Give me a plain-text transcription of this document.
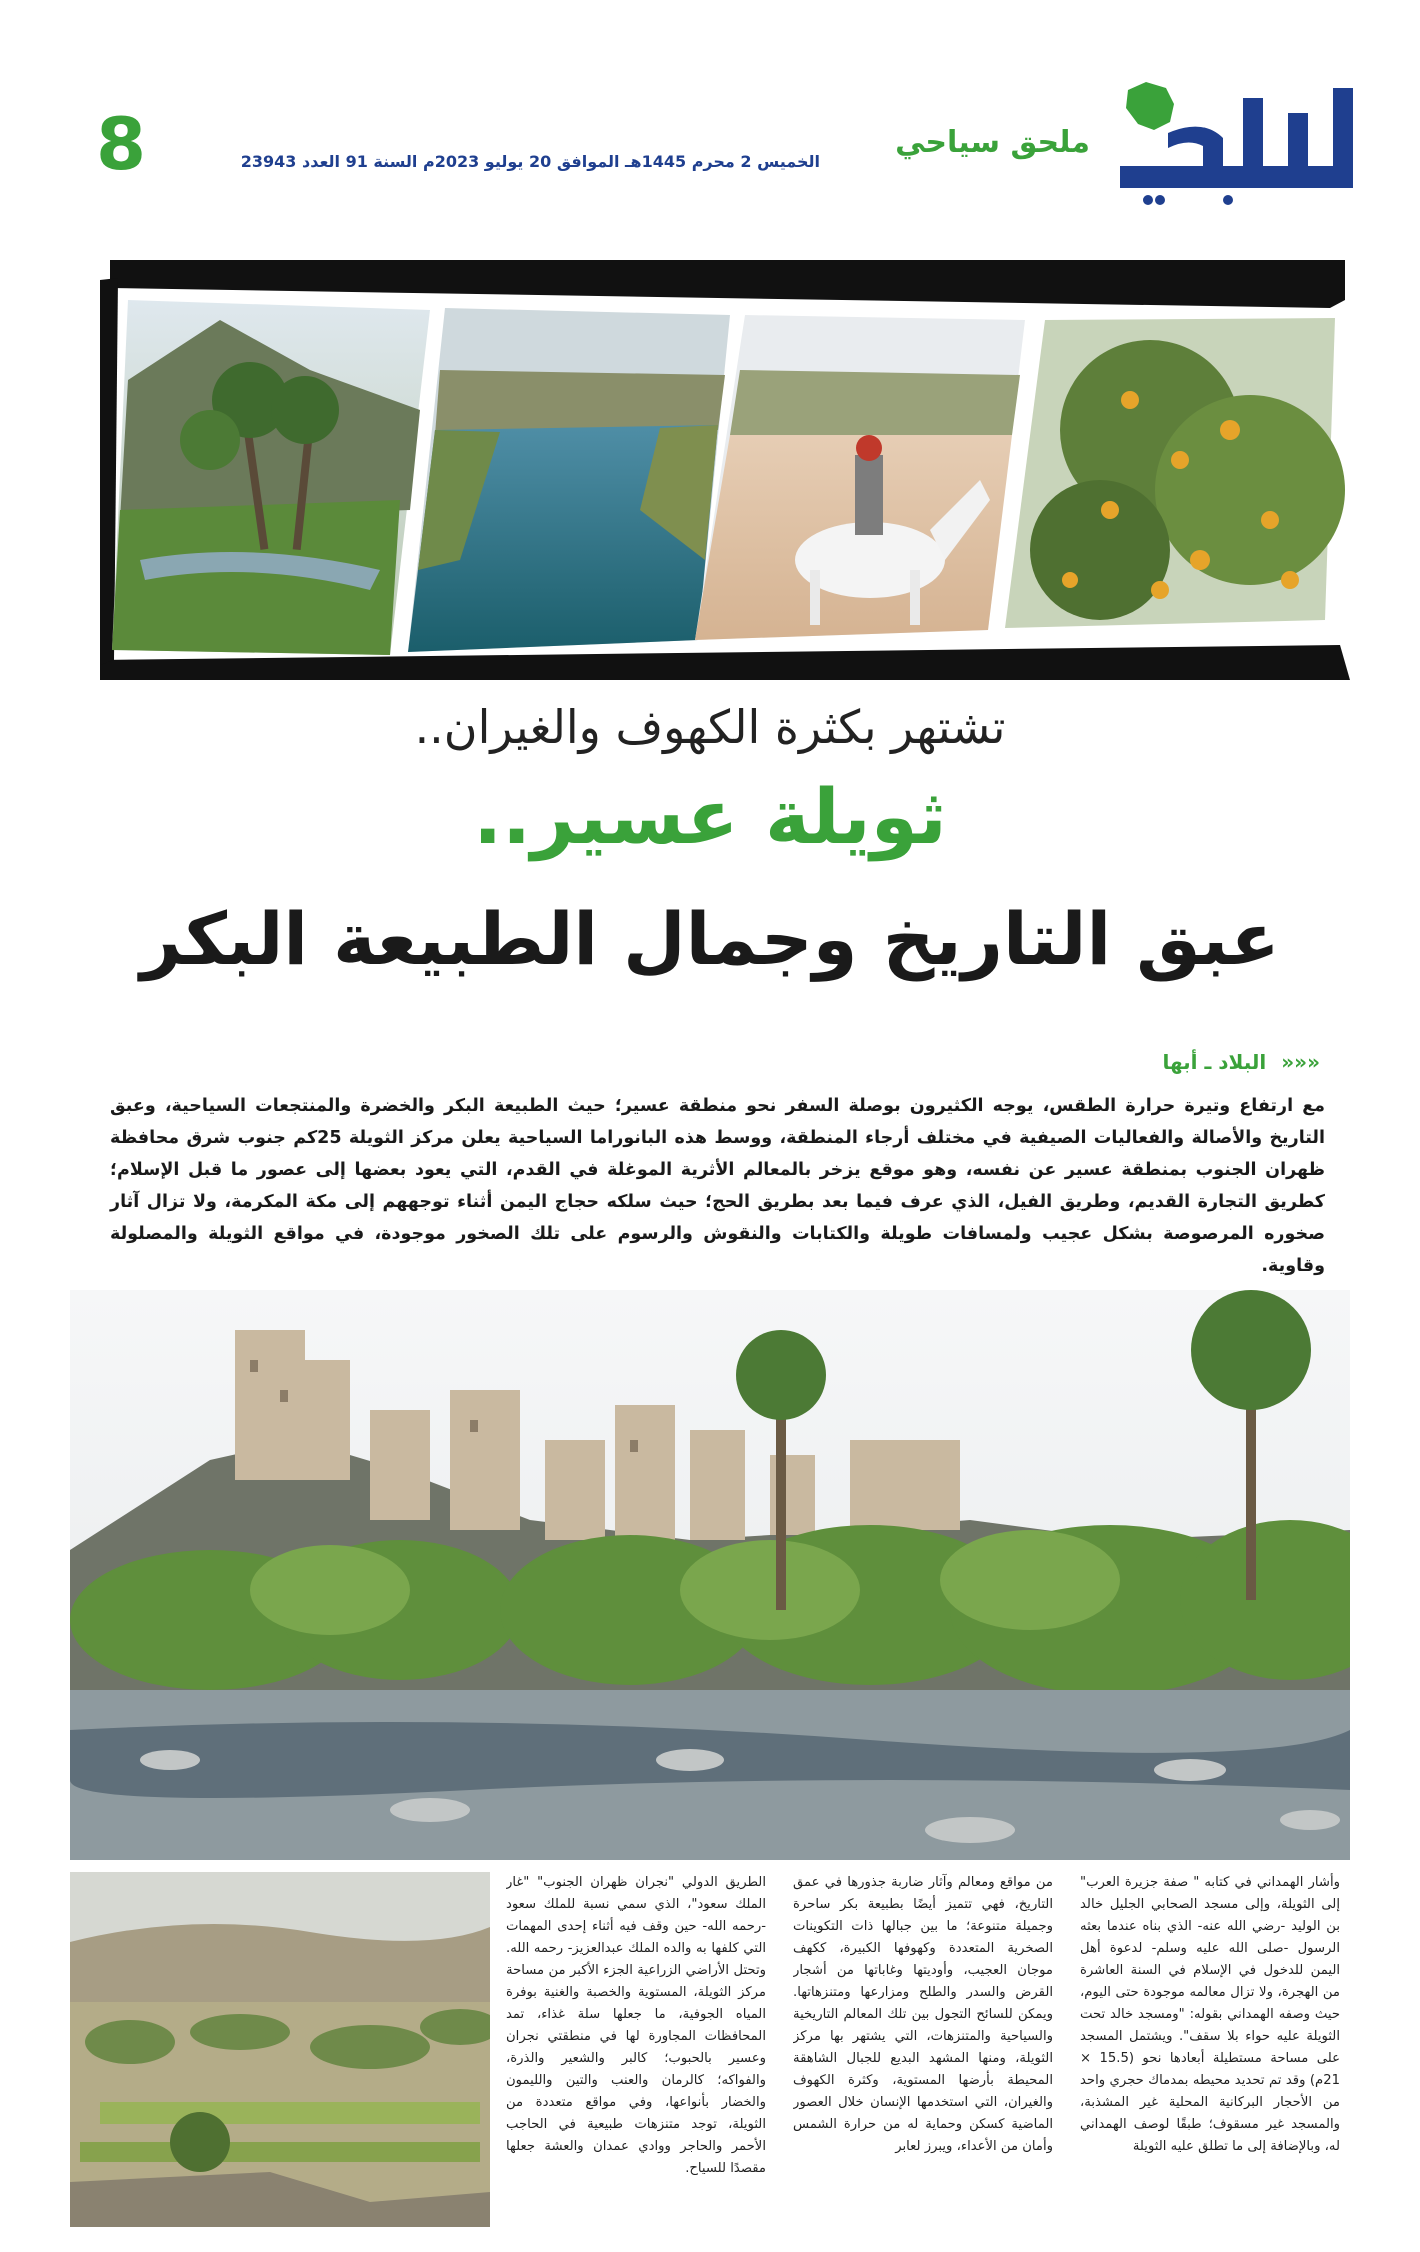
البلاد
ملحق سياحي
الخميس 2 محرم 1445هـ الموافق 20 يوليو 2023م السنة 91 العدد 23943
8
تشتهر بكثرة الكهوف والغيران..
ثويلة عسير..
عبق التاريخ وجمال الطبيعة البكر
««« البلاد ـ أبها
مع ارتفاع وتيرة حرارة الطقس، يوجه الكثيرون بوصلة السفر نحو منطقة عسير؛ حيث الطبيعة البكر والخضرة والمنتجعات السياحية، وعبق التاريخ والأصالة والفعاليات الصيفية في مختلف أرجاء المنطقة، ووسط هذه البانوراما السياحية يعلن مركز الثويلة 25كم جنوب شرق محافظة ظهران الجنوب بمنطقة عسير عن نفسه، وهو موقع يزخر بالمعالم الأثرية الموغلة في القدم، التي يعود بعضها إلى عصور ما قبل الإسلام؛ كطريق التجارة القديم، وطريق الفيل، الذي عرف فيما بعد بطريق الحج؛ حيث سلكه حجاج اليمن أثناء توجههم إلى مكة المكرمة، ولا تزال آثار صخوره المرصوصة بشكل عجيب ولمسافات طويلة والكتابات والنقوش والرسوم على تلك الصخور موجودة، في مواقع الثويلة والمصلولة وقاوية.
وأشار الهمداني في كتابه " صفة جزيرة العرب" إلى الثويلة، وإلى مسجد الصحابي الجليل خالد بن الوليد -رضي الله عنه- الذي بناه عندما بعثه الرسول -صلى الله عليه وسلم- لدعوة أهل اليمن للدخول في الإسلام في السنة العاشرة من الهجرة، ولا تزال معالمه موجودة حتى اليوم، حيث وصفه الهمداني بقوله: "ومسجد خالد تحت الثويلة عليه حواء بلا سقف". ويشتمل المسجد على مساحة مستطيلة أبعادها نحو (15.5 × 21م) وقد تم تحديد محيطه بمدماك حجري واحد من الأحجار البركانية المحلية غير المشذبة، والمسجد غير مسقوف؛ طبقًا لوصف الهمداني له، وبالإضافة إلى ما تطلق عليه الثويلة
من مواقع ومعالم وآثار ضاربة جذورها في عمق التاريخ، فهي تتميز أيضًا بطبيعة بكر ساحرة وجميلة متنوعة؛ ما بين جبالها ذات التكوينات الصخرية المتعددة وكهوفها الكبيرة، ككهف موجان العجيب، وأوديتها وغاباتها من أشجار القرض والسدر والطلح ومزارعها ومتنزهاتها. ويمكن للسائح التجول بين تلك المعالم التاريخية والسياحية والمتنزهات، التي يشتهر بها مركز الثويلة، ومنها المشهد البديع للجبال الشاهقة المحيطة بأرضها المستوية، وكثرة الكهوف والغيران، التي استخدمها الإنسان خلال العصور الماضية كسكن وحماية له من حرارة الشمس وأمان من الأعداء، ويبرز لعابر
الطريق الدولي "نجران ظهران الجنوب" "غار الملك سعود"، الذي سمي نسبة للملك سعود -رحمه الله- حين وقف فيه أثناء إحدى المهمات التي كلفها به والده الملك عبدالعزيز- رحمه الله. وتحتل الأراضي الزراعية الجزء الأكبر من مساحة مركز الثويلة، المستوية والخصبة والغنية بوفرة المياه الجوفية، ما جعلها سلة غذاء، تمد المحافظات المجاورة لها في منطقتي نجران وعسير بالحبوب؛ كالبر والشعير والذرة، والفواكه؛ كالرمان والعنب والتين والليمون والخضار بأنواعها، وفي مواقع متعددة من الثويلة، توجد متنزهات طبيعية في الحاجب الأحمر والحاجر ووادي عمدان والعشة جعلها مقصدًا للسياح.
